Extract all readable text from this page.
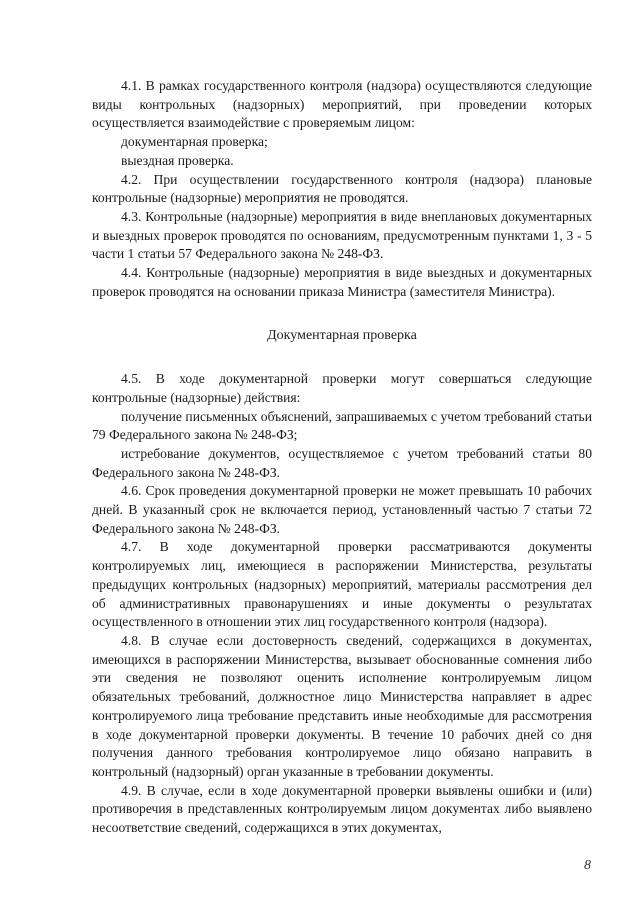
4.1. В рамках государственного контроля (надзора) осуществляются следующие виды контрольных (надзорных) мероприятий, при проведении которых осуществляется взаимодействие с проверяемым лицом:

документарная проверка;

выездная проверка.

4.2. При осуществлении государственного контроля (надзора) плановые контрольные (надзорные) мероприятия не проводятся.

4.3. Контрольные (надзорные) мероприятия в виде внеплановых документарных и выездных проверок проводятся по основаниям, предусмотренным пунктами 1, 3 - 5 части 1 статьи 57 Федерального закона № 248-ФЗ.

4.4. Контрольные (надзорные) мероприятия в виде выездных и документарных проверок проводятся на основании приказа Министра (заместителя Министра).

Документарная проверка

4.5. В ходе документарной проверки могут совершаться следующие контрольные (надзорные) действия:

получение письменных объяснений, запрашиваемых с учетом требований статьи 79 Федерального закона № 248-ФЗ;

истребование документов, осуществляемое с учетом требований статьи 80 Федерального закона № 248-ФЗ.

4.6. Срок проведения документарной проверки не может превышать 10 рабочих дней. В указанный срок не включается период, установленный частью 7 статьи 72 Федерального закона № 248-ФЗ.

4.7. В ходе документарной проверки рассматриваются документы контролируемых лиц, имеющиеся в распоряжении Министерства, результаты предыдущих контрольных (надзорных) мероприятий, материалы рассмотрения дел об административных правонарушениях и иные документы о результатах осуществленного в отношении этих лиц государственного контроля (надзора).

4.8. В случае если достоверность сведений, содержащихся в документах, имеющихся в распоряжении Министерства, вызывает обоснованные сомнения либо эти сведения не позволяют оценить исполнение контролируемым лицом обязательных требований, должностное лицо Министерства направляет в адрес контролируемого лица требование представить иные необходимые для рассмотрения в ходе документарной проверки документы. В течение 10 рабочих дней со дня получения данного требования контролируемое лицо обязано направить в контрольный (надзорный) орган указанные в требовании документы.

4.9. В случае, если в ходе документарной проверки выявлены ошибки и (или) противоречия в представленных контролируемым лицом документах либо выявлено несоответствие сведений, содержащихся в этих документах,

8
